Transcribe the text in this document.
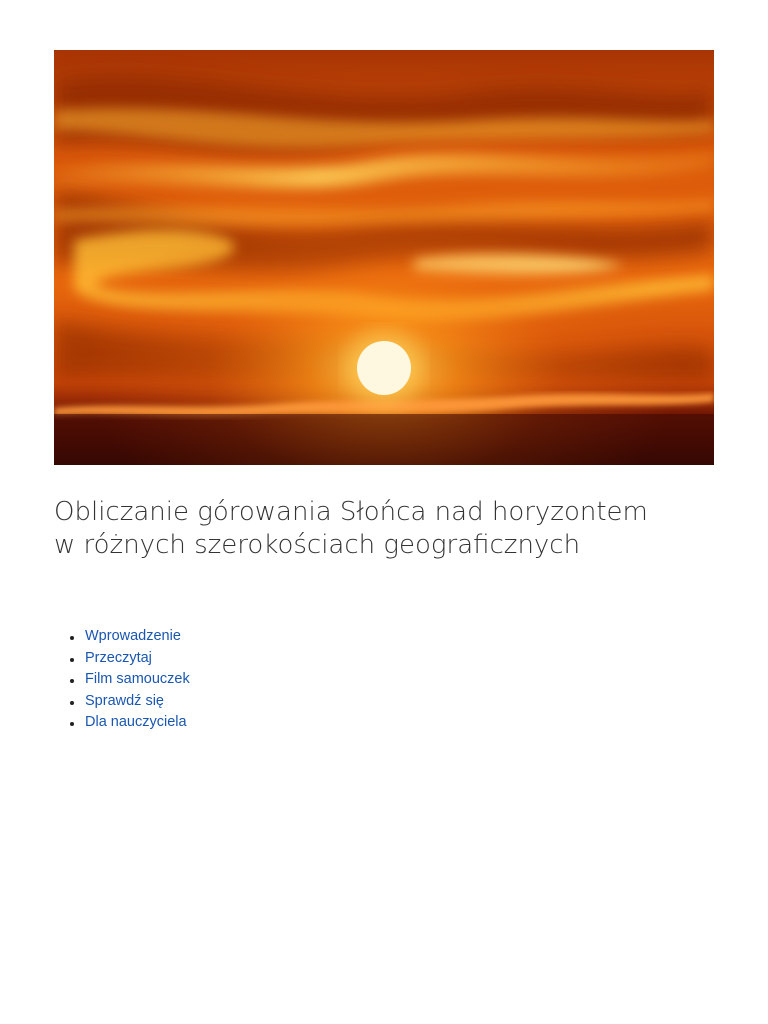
Obliczanie górowania Słońca nad horyzontem
w różnych szerokościach geograficznych
Wprowadzenie
Przeczytaj
Film samouczek
Sprawdź się
Dla nauczyciela
